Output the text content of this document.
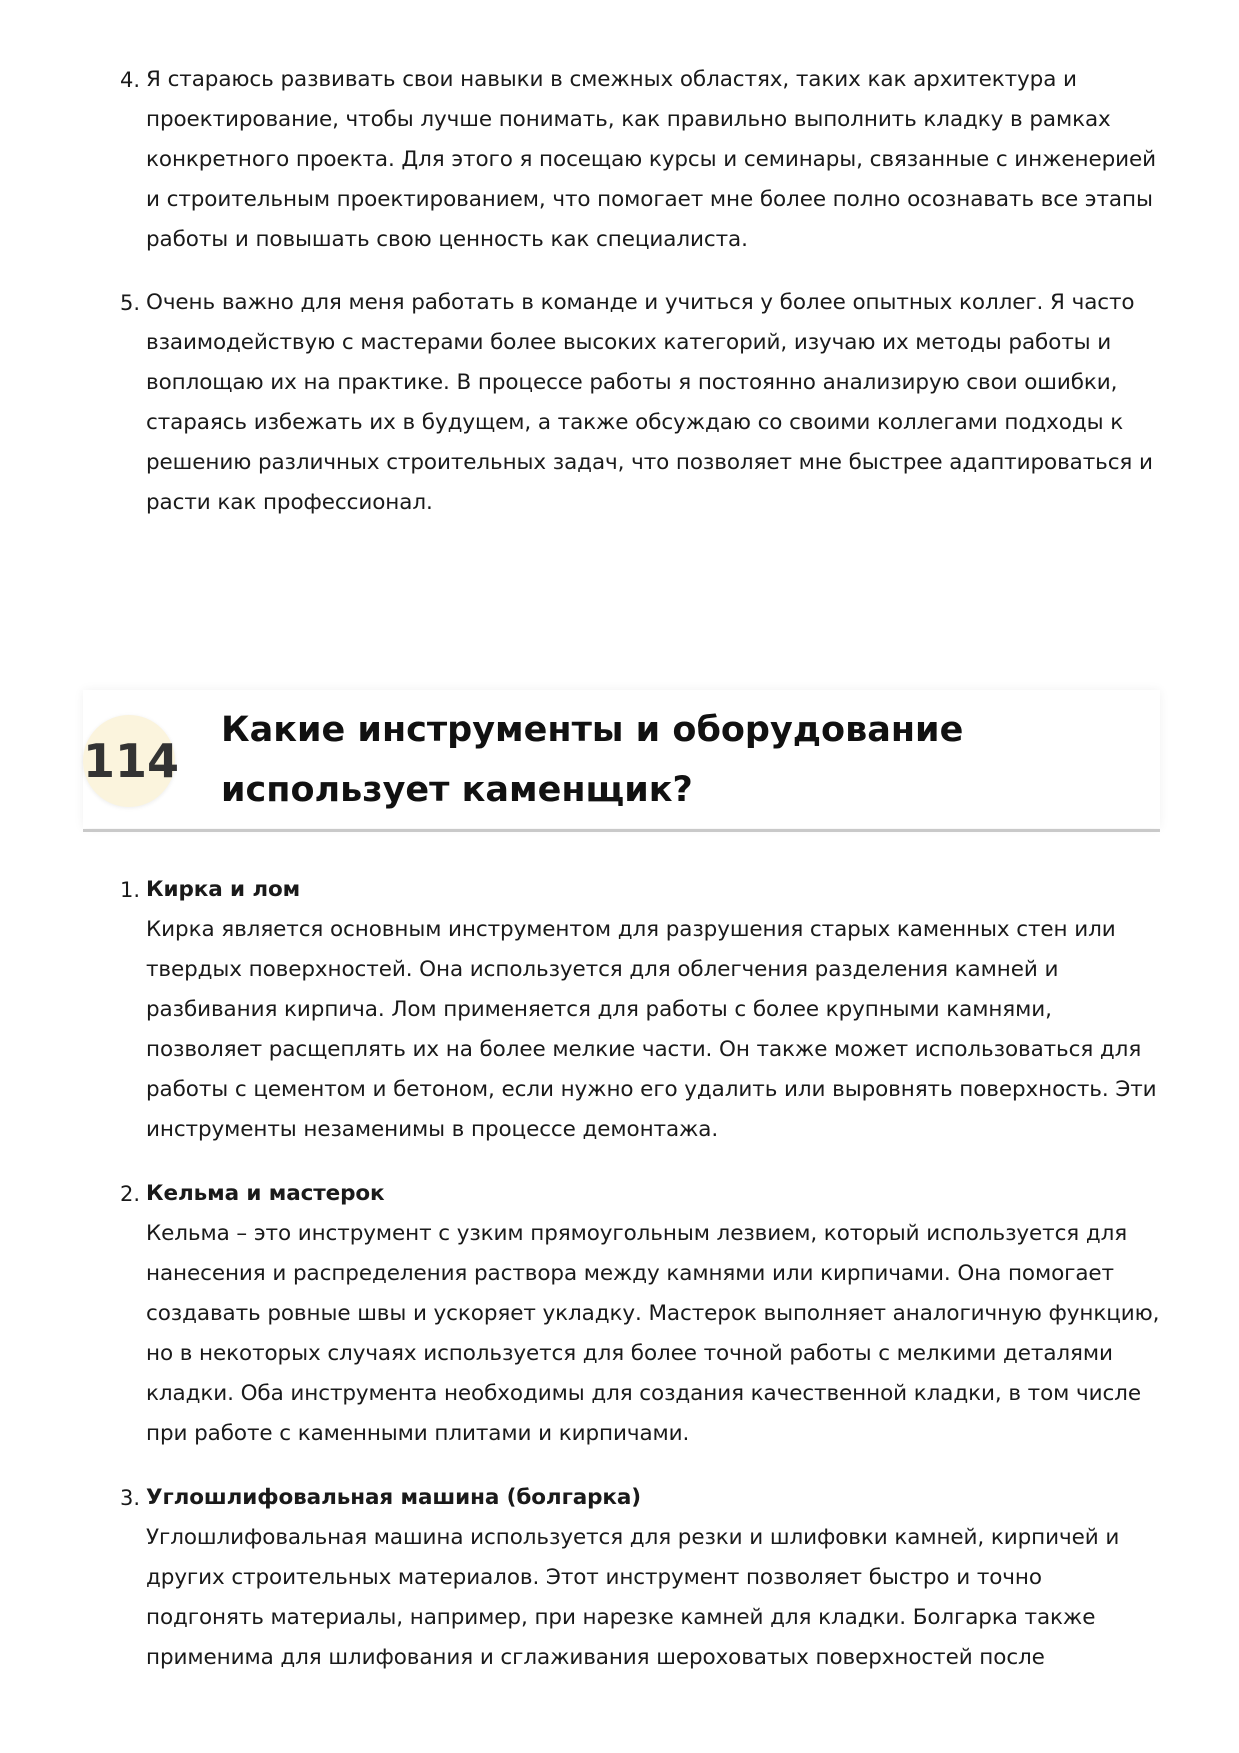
4. Я стараюсь развивать свои навыки в смежных областях, таких как архитектура и проектирование, чтобы лучше понимать, как правильно выполнить кладку в рамках конкретного проекта. Для этого я посещаю курсы и семинары, связанные с инженерией и строительным проектированием, что помогает мне более полно осознавать все этапы работы и повышать свою ценность как специалиста.
5. Очень важно для меня работать в команде и учиться у более опытных коллег. Я часто взаимодействую с мастерами более высоких категорий, изучаю их методы работы и воплощаю их на практике. В процессе работы я постоянно анализирую свои ошибки, стараясь избежать их в будущем, а также обсуждаю со своими коллегами подходы к решению различных строительных задач, что позволяет мне быстрее адаптироваться и расти как профессионал.
114
Какие инструменты и оборудование использует каменщик?
1. Кирка и лом
Кирка является основным инструментом для разрушения старых каменных стен или твердых поверхностей. Она используется для облегчения разделения камней и разбивания кирпича. Лом применяется для работы с более крупными камнями, позволяет расщеплять их на более мелкие части. Он также может использоваться для работы с цементом и бетоном, если нужно его удалить или выровнять поверхность. Эти инструменты незаменимы в процессе демонтажа.
2. Кельма и мастерок
Кельма – это инструмент с узким прямоугольным лезвием, который используется для нанесения и распределения раствора между камнями или кирпичами. Она помогает создавать ровные швы и ускоряет укладку. Мастерок выполняет аналогичную функцию, но в некоторых случаях используется для более точной работы с мелкими деталями кладки. Оба инструмента необходимы для создания качественной кладки, в том числе при работе с каменными плитами и кирпичами.
3. Углошлифовальная машина (болгарка)
Углошлифовальная машина используется для резки и шлифовки камней, кирпичей и других строительных материалов. Этот инструмент позволяет быстро и точно подгонять материалы, например, при нарезке камней для кладки. Болгарка также применима для шлифования и сглаживания шероховатых поверхностей после
